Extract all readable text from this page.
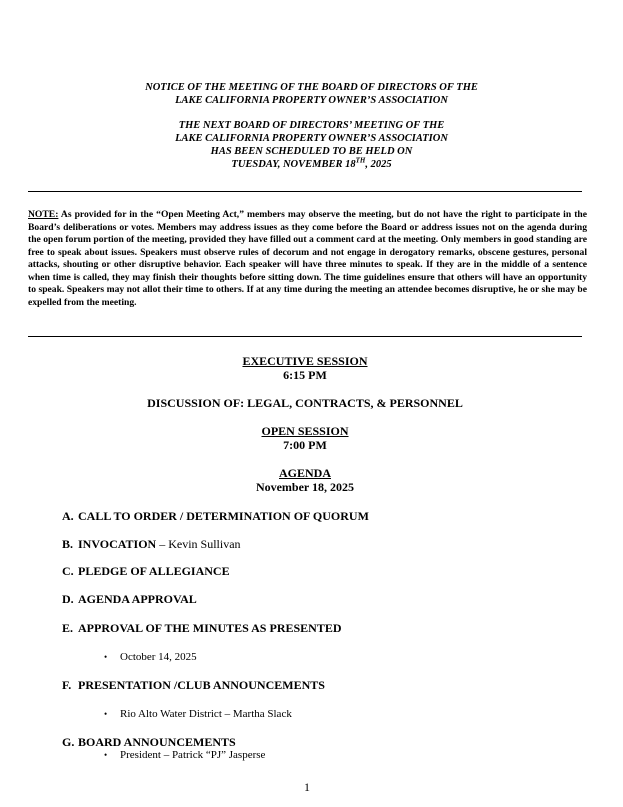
NOTICE OF THE MEETING OF THE BOARD OF DIRECTORS OF THE
LAKE CALIFORNIA PROPERTY OWNER’S ASSOCIATION
THE NEXT BOARD OF DIRECTORS’ MEETING OF THE
LAKE CALIFORNIA PROPERTY OWNER’S ASSOCIATION
HAS BEEN SCHEDULED TO BE HELD ON
TUESDAY, NOVEMBER 18TH, 2025
NOTE: As provided for in the “Open Meeting Act,” members may observe the meeting, but do not have the right to participate in the Board’s deliberations or votes. Members may address issues as they come before the Board or address issues not on the agenda during the open forum portion of the meeting, provided they have filled out a comment card at the meeting. Only members in good standing are free to speak about issues. Speakers must observe rules of decorum and not engage in derogatory remarks, obscene gestures, personal attacks, shouting or other disruptive behavior. Each speaker will have three minutes to speak. If they are in the middle of a sentence when time is called, they may finish their thoughts before sitting down. The time guidelines ensure that others will have an opportunity to speak. Speakers may not allot their time to others. If at any time during the meeting an attendee becomes disruptive, he or she may be expelled from the meeting.
EXECUTIVE SESSION
6:15 PM
DISCUSSION OF: LEGAL, CONTRACTS, & PERSONNEL
OPEN SESSION
7:00 PM
AGENDA
November 18, 2025
A. CALL TO ORDER / DETERMINATION OF QUORUM
B. INVOCATION – Kevin Sullivan
C. PLEDGE OF ALLEGIANCE
D. AGENDA APPROVAL
E. APPROVAL OF THE MINUTES AS PRESENTED
• October 14, 2025
F. PRESENTATION /CLUB ANNOUNCEMENTS
• Rio Alto Water District – Martha Slack
G. BOARD ANNOUNCEMENTS
• President – Patrick “PJ” Jasperse
1
